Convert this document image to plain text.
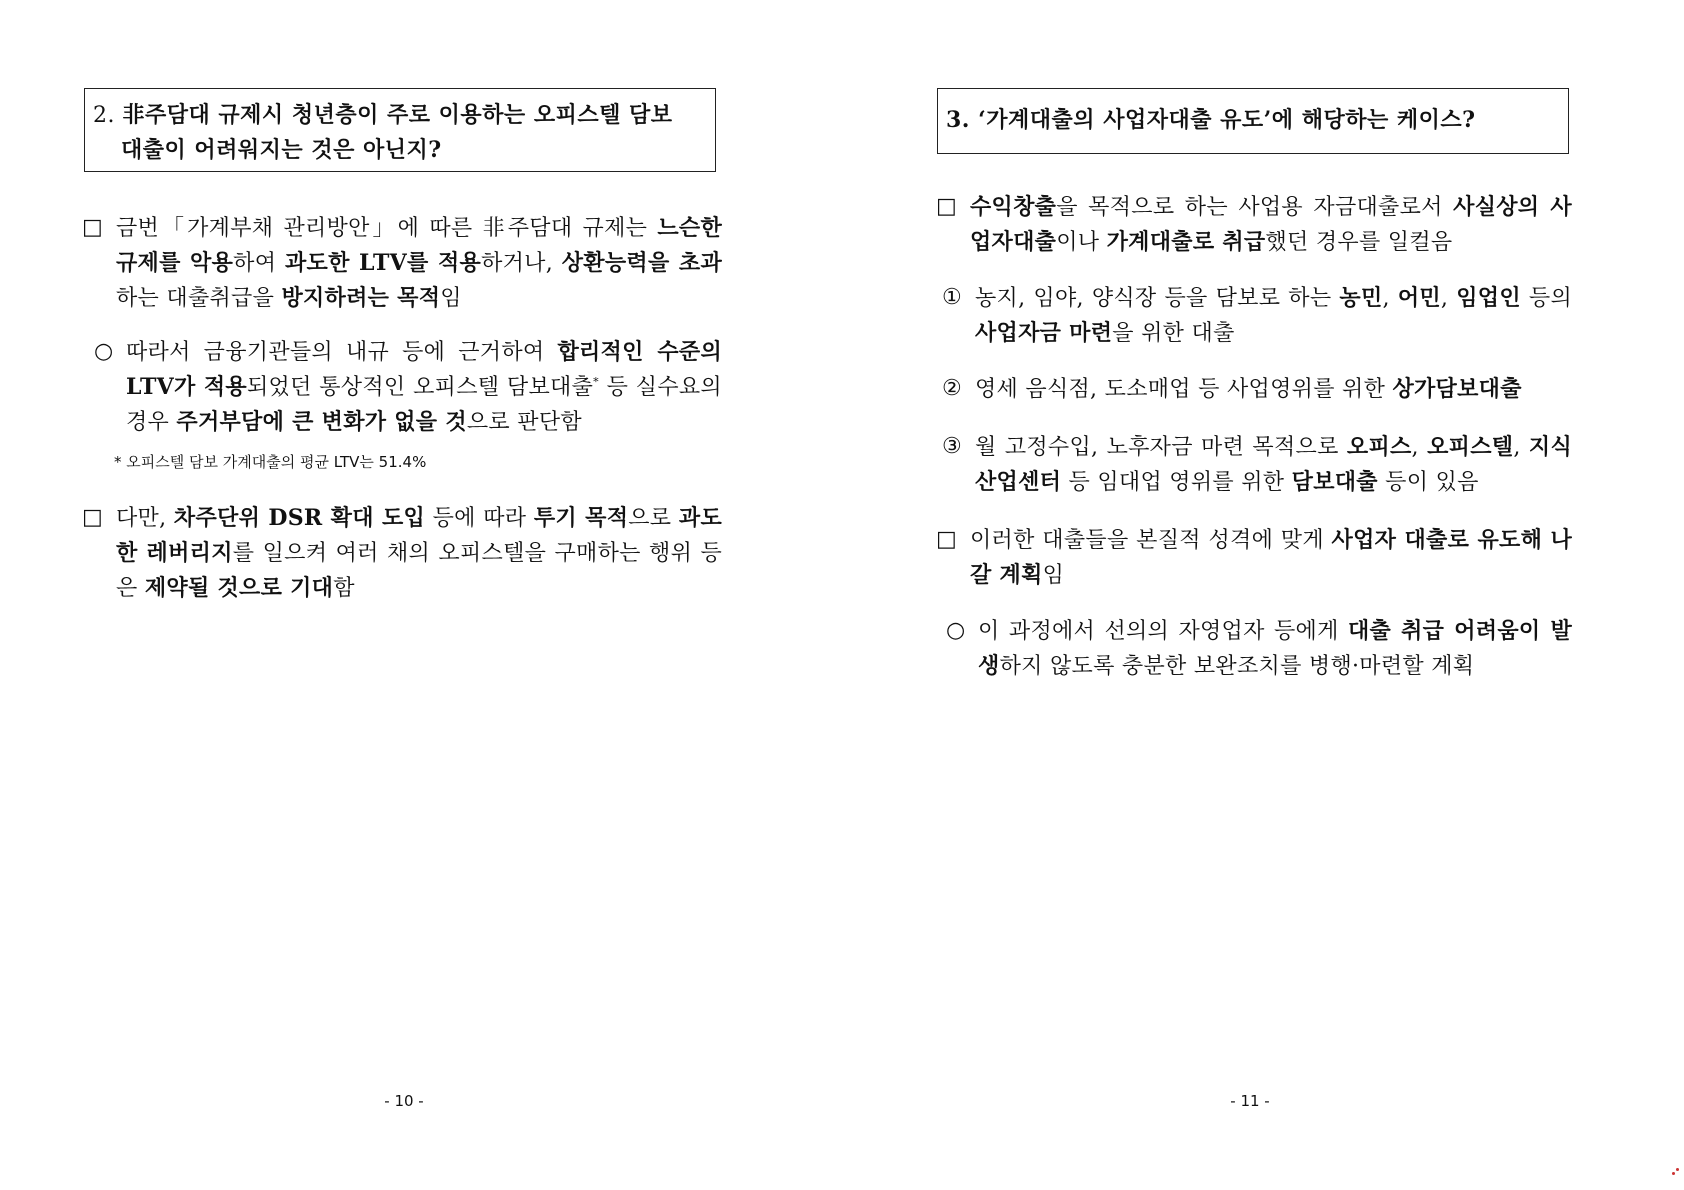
2. 非주담대 규제시 청년층이 주로 이용하는 오피스텔 담보
대출이 어려워지는 것은 아닌지?
□ 금번「가계부채 관리방안」에 따른 非주담대 규제는 느슨한 규제를 악용하여 과도한 LTV를 적용하거나, 상환능력을 초과하는 대출취급을 방지하려는 목적임
○ 따라서 금융기관들의 내규 등에 근거하여 합리적인 수준의 LTV가 적용되었던 통상적인 오피스텔 담보대출* 등 실수요의 경우 주거부담에 큰 변화가 없을 것으로 판단함
* 오피스텔 담보 가계대출의 평균 LTV는 51.4%
□ 다만, 차주단위 DSR 확대 도입 등에 따라 투기 목적으로 과도한 레버리지를 일으켜 여러 채의 오피스텔을 구매하는 행위 등은 제약될 것으로 기대함
- 10 -
3. ‘가계대출의 사업자대출 유도’에 해당하는 케이스?
□ 수익창출을 목적으로 하는 사업용 자금대출로서 사실상의 사업자대출이나 가계대출로 취급했던 경우를 일컬음
① 농지, 임야, 양식장 등을 담보로 하는 농민, 어민, 임업인 등의 사업자금 마련을 위한 대출
② 영세 음식점, 도소매업 등 사업영위를 위한 상가담보대출
③ 월 고정수입, 노후자금 마련 목적으로 오피스, 오피스텔, 지식산업센터 등 임대업 영위를 위한 담보대출 등이 있음
□ 이러한 대출들을 본질적 성격에 맞게 사업자 대출로 유도해 나갈 계획임
○ 이 과정에서 선의의 자영업자 등에게 대출 취급 어려움이 발생하지 않도록 충분한 보완조치를 병행·마련할 계획
- 11 -
